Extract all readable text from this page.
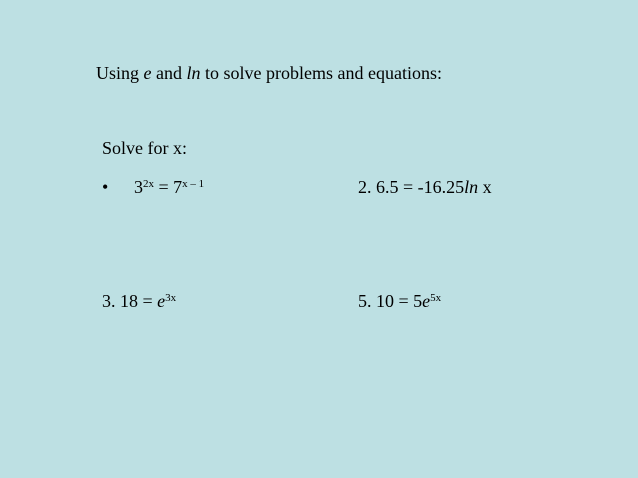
Using e and ln to solve problems and equations:
Solve for x:
• $3^{2x} = 7^{x - 1}$	2. 6.5 = -16.25ln x
3. $18 = e^{3x}$	5. $10 = 5e^{5x}$
